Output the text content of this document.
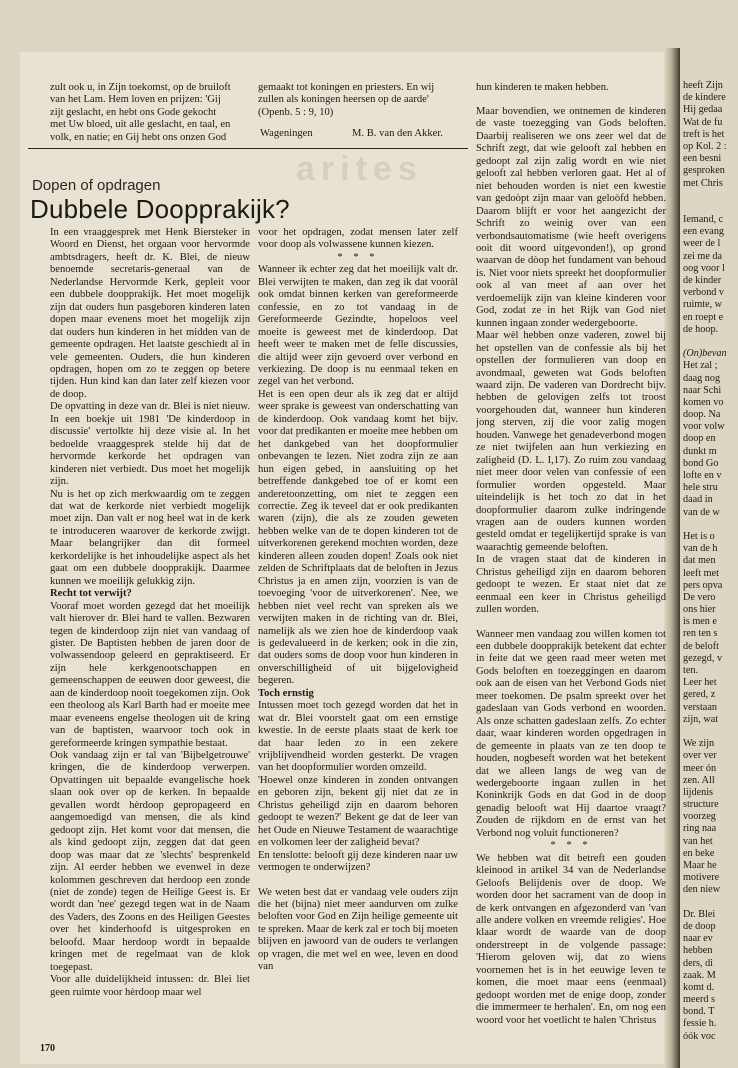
zult ook u, in Zijn toekomst, op de bruiloft

van het Lam. Hem loven en prijzen: 'Gij

zijt geslacht, en hebt ons Gode gekocht

met Uw bloed, uit alle geslacht, en taal, en

volk, en natie; en Gij hebt ons onzen God

gemaakt tot koningen en priesters. En wij

zullen als koningen heersen op de aarde'

(Openb. 5 : 9, 10)

Wageningen	M. B. van den Akker.

hun kinderen te maken hebben.

arites
Dopen of opdragen
Dubbele Doopprakijk?

In een vraaggesprek met Henk Biersteker in Woord en Dienst, het orgaan voor hervormde ambtsdragers, heeft dr. K. Blei, de nieuw benoemde secretaris-generaal van de Nederlandse Hervormde Kerk, gepleit voor een dubbele doopprakijk. Het moet mogelijk zijn dat ouders hun pasgeboren kinderen laten dopen maar evenens moet het mogelijk zijn dat ouders hun kinderen in het midden van de gemeente opdragen. Het laatste geschiedt al in vele gemeenten. Ouders, die hun kinderen opdragen, hopen om zo te zeggen op betere tijden. Hun kind kan dan later zelf kiezen voor de doop.

De opvatting in deze van dr. Blei is niet nieuw. In een boekje uit 1981 'De kinderdoop in discussie' vertolkte hij deze visie al. In het bedoelde vraaggesprek stelde hij dat de hervormde kerkorde het opdragen van kinderen niet verbiedt. Dus moet het mogelijk zijn.

Nu is het op zich merkwaardig om te zeggen dat wat de kerkorde niet verbiedt mogelijk moet zijn. Dan valt er nog heel wat in de kerk te introduceren waarover de kerkorde zwijgt. Maar belangrijker dan dit formeel kerkordelijke is het inhoudelijke aspect als het gaat om een dubbele doopprakijk. Daarmee kunnen we moeilijk gelukkig zijn.

Recht tot verwijt?

Vooraf moet worden gezegd dat het moeilijk valt hierover dr. Blei hard te vallen. Bezwaren tegen de kinderdoop zijn niet van vandaag of gister. De Baptisten hebben de jaren door de volwassendoop geleerd en gepraktiseerd. Er zijn hele kerkgenootschappen en gemeenschappen de eeuwen door geweest, die aan de kinderdoop nooit toegekomen zijn. Ook een theoloog als Karl Barth had er moeite mee maar eveneens engelse theologen uit de kring van de baptisten, waarvoor toch ook in gereformeerde kringen sympathie bestaat.

Ook vandaag zijn er tal van 'Bijbelgetrouwe' kringen, die de kinderdoop verwerpen. Opvattingen uit bepaalde evangelische hoek slaan ook over op de kerken. In bepaalde gevallen wordt hèrdoop gepropageerd en aangemoedigd van mensen, die als kind gedoopt zijn. Het komt voor dat mensen, die als kind gedoopt zijn, zeggen dat dat geen doop was maar dat ze 'slechts' besprenkeld zijn. Al eerder hebben we evenwel in deze kolommen geschreven dat herdoop een zonde (niet de zonde) tegen de Heilige Geest is. Er wordt dan 'nee' gezegd tegen wat in de Naam des Vaders, des Zoons en des Heiligen Geestes over het kinderhoofd is uitgesproken en beloofd. Maar herdoop wordt in bepaalde kringen met de regelmaat van de klok toegepast.

Voor alle duidelijkheid intussen: dr. Blei liet geen ruimte voor hèrdoop maar wel

voor het opdragen, zodat mensen later zelf voor doop als volwassene kunnen kiezen.

* * *

Wanneer ik echter zeg dat het moeilijk valt dr. Blei verwijten te maken, dan zeg ik dat vooràl ook omdat binnen kerken van gereformeerde confessie, en zo tot vandaag in de Gereformeerde Gezindte, hopeloos veel moeite is geweest met de kinderdoop. Dat heeft weer te maken met de felle discussies, die altijd weer zijn gevoerd over verbond en verkiezing. De doop is nu eenmaal teken en zegel van het verbond.

Het is een open deur als ik zeg dat er altijd weer sprake is geweest van onderschatting van de kinderdoop. Ook vandaag komt het bijv. voor dat predikanten er moeite mee hebben om het dankgebed van het doopformulier onbevangen te lezen. Niet zodra zijn ze aan hun eigen gebed, in aansluiting op het betreffende dankgebed toe of er komt een anderetoonzetting, om niet te zeggen een correctie. Zeg ik teveel dat er ook predikanten waren (zijn), die als ze zouden geweten hebben welke van de te dopen kinderen tot de uitverkorenen gerekend mochten worden, deze kinderen alleen zouden dopen! Zoals ook niet zelden de Schriftplaats dat de beloften in Jezus Christus ja en amen zijn, voorzien is van de toevoeging 'voor de uitverkorenen'. Nee, we hebben niet veel recht van spreken als we verwijten maken in de richting van dr. Blei, namelijk als we zien hoe de kinderdoop vaak is gedevalueerd in de kerken; ook in die zin, dat ouders soms de doop voor hun kinderen in onverschilligheid of uit bijgelovigheid begeren.

Toch ernstig

Intussen moet toch gezegd worden dat het in wat dr. Blei voorstelt gaat om een ernstige kwestie. In de eerste plaats staat de kerk toe dat haar leden zo in een zekere vrijblijvendheid worden gesterkt. De vragen van het doopformulier worden omzeild.

'Hoewel onze kinderen in zonden ontvangen en geboren zijn, bekent gij niet dat ze in Christus geheiligd zijn en daarom behoren gedoopt te wezen?' Bekent ge dat de leer van het Oude en Nieuwe Testament de waarachtige en volkomen leer der zaligheid bevat?

En tenslotte: belooft gij deze kinderen naar uw vermogen te onderwijzen?

We weten best dat er vandaag vele ouders zijn die het (bijna) niet meer aandurven om zulke beloften voor God en Zijn heilige gemeente uit te spreken. Maar de kerk zal er toch bij moeten blijven en jawoord van de ouders te verlangen op vragen, die met wel en wee, leven en dood van

Maar bovendien, we ontnemen de kinderen de vaste toezegging van Gods beloften. Daarbij realiseren we ons zeer wel dat de Schrift zegt, dat wie gelooft zal hebben en gedoopt zal zijn zalig wordt en wie niet gelooft zal hebben verloren gaat. Het al of niet behouden worden is niet een kwestie van gedoòpt zijn maar van geloòfd hebben. Daarom blijft er voor het aangezicht der Schrift zo weinig over van een verbondsautomatisme (wie heeft overigens ooit dit woord uitgevonden!), op grond waarvan de dòop het fundament van behoud is. Niet voor niets spreekt het doopformulier ook al van meet af aan over het verdoemelijk zijn van kleine kinderen voor God, zodat ze in het Rijk van God niet kunnen ingaan zonder wedergeboorte.

Maar wèl hebben onze vaderen, zowel bij het opstellen van de confessie als bij het opstellen der formulieren van doop en avondmaal, geweten wat Gods beloften waard zijn. De vaderen van Dordrecht bijv. hebben de gelovigen zelfs tot troost voorgehouden dat, wanneer hun kinderen jong sterven, zij die voor zalig mogen houden. Vanwege het genadeverbond mogen ze niet twijfelen aan hun verkiezing en zaligheid (D. L. I,17). Zo ruim zou vandaag niet meer door velen van confessie of een formulier worden opgesteld. Maar uiteindelijk is het toch zo dat in het doopformulier daarom zulke indringende vragen aan de ouders kunnen worden gesteld omdat er tegelijkertijd sprake is van waarachtig gemeende beloften.

In de vragen staat dat de kinderen in Christus geheiligd zijn en daarom behoren gedoopt te wezen. Er staat niet dat ze eenmaal een keer in Christus geheiligd zullen worden.

Wanneer men vandaag zou willen komen tot een dubbele doopprakijk betekent dat echter in feite dat we geen raad meer weten met Gods beloften en toezeggingen en daarom ook aan de eisen van het Verbond Gods niet meer toekomen. De psalm spreekt over het gadeslaan van Gods verbond en woorden. Als onze schatten gadeslaan zelfs. Zo echter daar, waar kinderen worden opgedragen in de gemeente in plaats van ze ten doop te houden, nogbeseft worden wat het betekent dat we alleen langs de weg van de wedergeboorte ingaan zullen in het Koninkrijk Gods en dat God in de doop genadig belooft wat Hij daartoe vraagt? Zouden de rijkdom en de ernst van het Verbond nog voluit functioneren?

* * *

We hebben wat dit betreft een gouden kleinood in artikel 34 van de Nederlandse Geloofs Belijdenis over de doop. We worden door het sacrament van de doop in de kerk ontvangen en afgezonderd van 'van alle andere volken en vreemde religies'. Hoe klaar wordt de waarde van de doop onderstreept in de volgende passage: 'Hierom geloven wij, dat zo wiens voornemen het is in het eeuwige leven te komen, die moet maar eens (eenmaal) gedoopt worden met de enige doop, zonder die immermeer te herhalen'. En, om nog een woord voor het voetlicht te halen 'Christus

heeft Zijn
de kindere
Hij gedaa
Wat de fu
treft is het
op Kol. 2 :
een besni
gesproken
met Chris
Iemand, c
een evang
weer de l
zei me da
oog voor l
de kinder
verbond v
ruimte, w
en roept e
de hoop.
(On)bevan
Het zal ;
daag nog
naar Schi
komen vo
doop. Na
voor volw
doop en
dunkt m
bond Go
lofte en v
hele stru
daad in
van de w
Het is o
van de h
dat men
leeft met
pers opva
De vero
ons hier
is men e
ren ten s
de beloft
gezegd, v
ten.
Leer het
gered, z
verstaan
zijn, wat
We zijn
over ver
meer ón
zen. All
lijdenis
structure
voorzeg
ring naa
van het
en beke
Maar he
motivere
den niew
Dr. Blei
de doop
naar ev
hebben
ders, di
zaak. M
komt d.
meerd s
bond. T
fessie h.
óók voc
170
